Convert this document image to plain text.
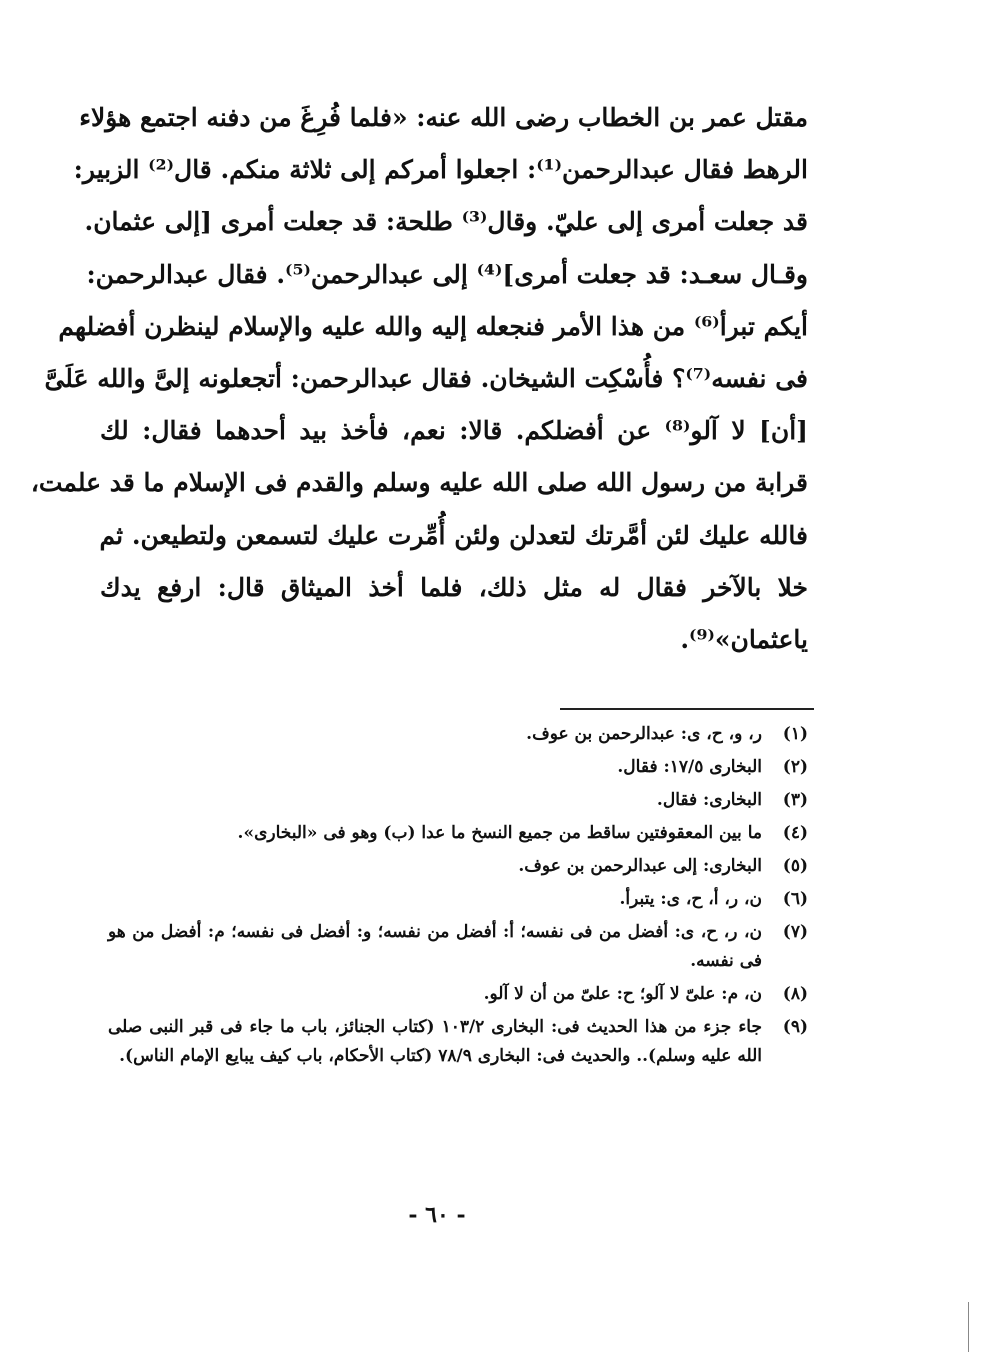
مقتل عمر بن الخطاب رضى الله عنه: «فلما فُرِغَ من دفنه اجتمع هؤلاء
الرهط فقال عبدالرحمن⁽¹⁾: اجعلوا أمركم إلى ثلاثة منكم. قال⁽²⁾ الزبير:
قد جعلت أمرى إلى عليّ. وقال⁽³⁾ طلحة: قد جعلت أمرى [إلى عثمان.
وقـال سعـد: قد جعلت أمرى]⁽⁴⁾ إلى عبدالرحمن⁽⁵⁾. فقال عبدالرحمن:
أيكم تبرأ⁽⁶⁾ من هذا الأمر فنجعله إليه والله عليه والإسلام لينظرن أفضلهم
فى نفسه⁽⁷⁾؟ فأُسْكِت الشيخان. فقال عبدالرحمن: أتجعلونه إلىَّ والله عَلَىَّ
[أن] لا آلو⁽⁸⁾ عن أفضلكم. قالا: نعم، فأخذ بيد أحدهما فقال: لك
قرابة من رسول الله صلى الله عليه وسلم والقدم فى الإسلام ما قد علمت،
فالله عليك لئن أمَّرتك لتعدلن ولئن أُمِّرت عليك لتسمعن ولتطيعن. ثم
خلا بالآخر فقال له مثل ذلك، فلما أخذ الميثاق قال: ارفع يدك
ياعثمان»⁽⁹⁾.
(١)
ر، و، ح، ى: عبدالرحمن بن عوف.
(٢)
البخارى ١٧/٥: فقال.
(٣)
البخارى: فقال.
(٤)
ما بين المعقوفتين ساقط من جميع النسخ ما عدا (ب) وهو فى «البخارى».
(٥)
البخارى: إلى عبدالرحمن بن عوف.
(٦)
ن، ر، أ، ح، ى: يتبرأ.
(٧)
ن، ر، ح، ى: أفضل من فى نفسه؛ أ: أفضل من نفسه؛ و: أفضل فى نفسه؛ م: أفضل من هو فى نفسه.
(٨)
ن، م: علىّ لا آلو؛ ح: علىّ من أن لا آلو.
(٩)
جاء جزء من هذا الحديث فى: البخارى ١٠٣/٢ (كتاب الجنائز، باب ما جاء فى قبر النبى صلى الله عليه وسلم).. والحديث فى: البخارى ٧٨/٩ (كتاب الأحكام، باب كيف يبايع الإمام الناس).
- ٦٠ -
